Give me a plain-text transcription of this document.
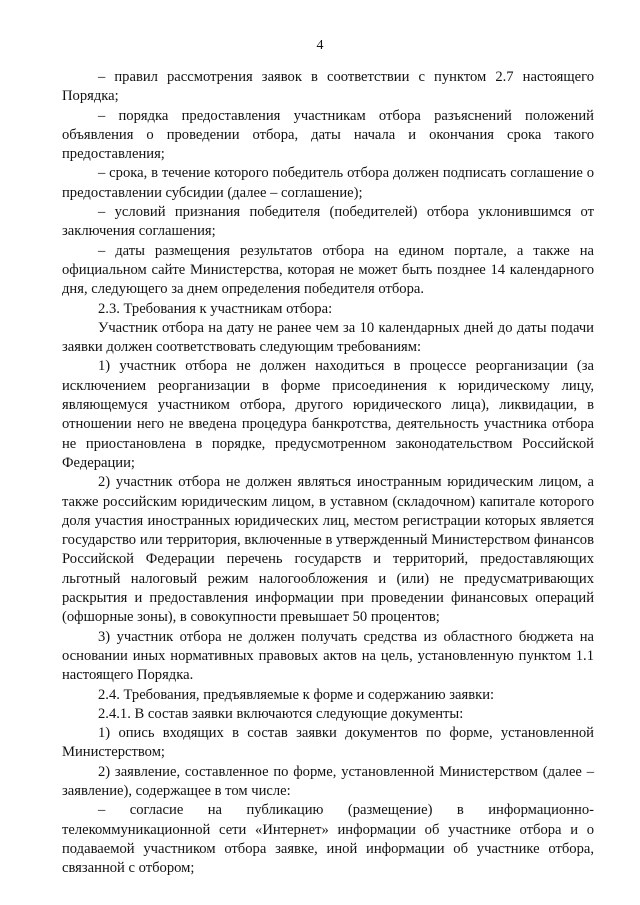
4

– правил рассмотрения заявок в соответствии с пунктом 2.7 настоящего Порядка;

– порядка предоставления участникам отбора разъяснений положений объявления о проведении отбора, даты начала и окончания срока такого предоставления;

– срока, в течение которого победитель отбора должен подписать соглашение о предоставлении субсидии (далее – соглашение);

– условий признания победителя (победителей) отбора уклонившимся от заключения соглашения;

– даты размещения результатов отбора на едином портале, а также на официальном сайте Министерства, которая не может быть позднее 14 календарного дня, следующего за днем определения победителя отбора.

2.3. Требования к участникам отбора:

Участник отбора на дату не ранее чем за 10 календарных дней до даты подачи заявки должен соответствовать следующим требованиям:

1) участник отбора не должен находиться в процессе реорганизации (за исключением реорганизации в форме присоединения к юридическому лицу, являющемуся участником отбора, другого юридического лица), ликвидации, в отношении него не введена процедура банкротства, деятельность участника отбора не приостановлена в порядке, предусмотренном законодательством Российской Федерации;

2) участник отбора не должен являться иностранным юридическим лицом, а также российским юридическим лицом, в уставном (складочном) капитале которого доля участия иностранных юридических лиц, местом регистрации которых является государство или территория, включенные в утвержденный Министерством финансов Российской Федерации перечень государств и территорий, предоставляющих льготный налоговый режим налогообложения и (или) не предусматривающих раскрытия и предоставления информации при проведении финансовых операций (офшорные зоны), в совокупности превышает 50 процентов;

3) участник отбора не должен получать средства из областного бюджета на основании иных нормативных правовых актов на цель, установленную пунктом 1.1 настоящего Порядка.

2.4. Требования, предъявляемые к форме и содержанию заявки:

2.4.1. В состав заявки включаются следующие документы:

1) опись входящих в состав заявки документов по форме, установленной Министерством;

2) заявление, составленное по форме, установленной Министерством (далее – заявление), содержащее в том числе:

– согласие на публикацию (размещение) в информационно-телекоммуникационной сети «Интернет» информации об участнике отбора и о подаваемой участником отбора заявке, иной информации об участнике отбора, связанной с отбором;
